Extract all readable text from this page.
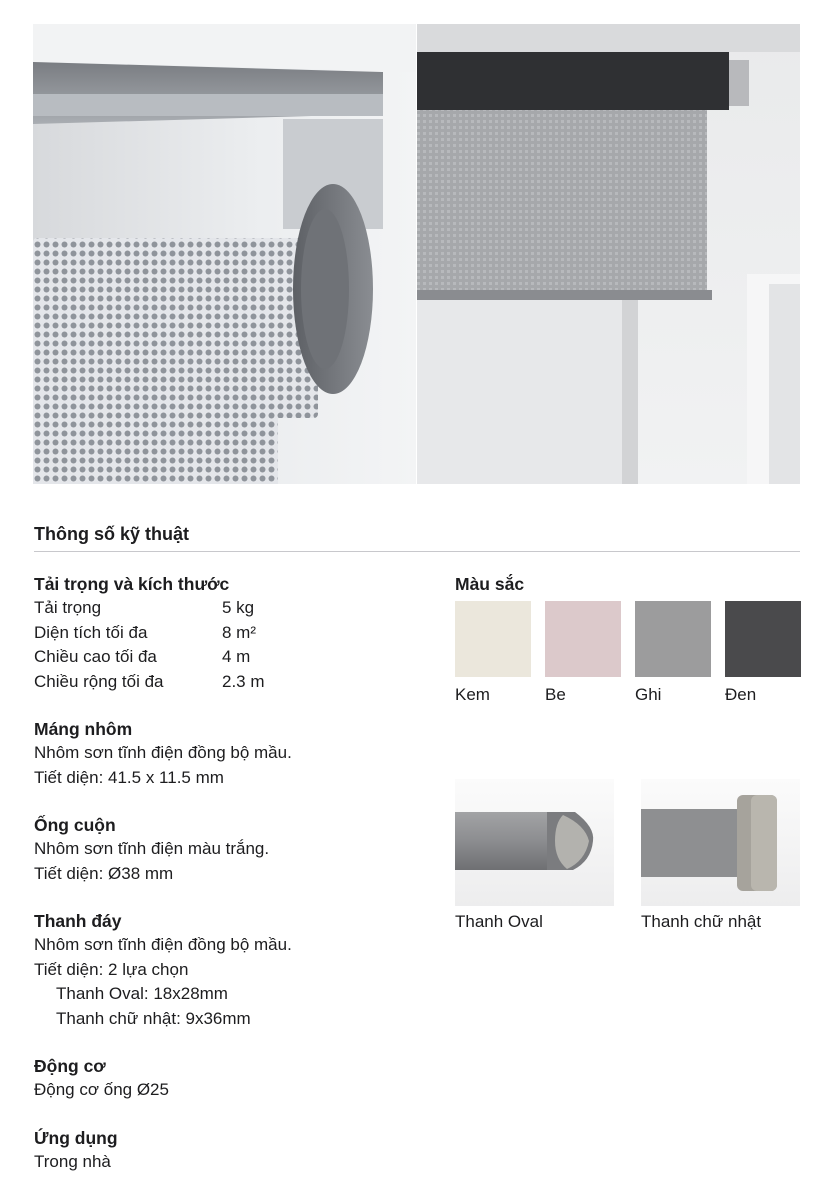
Thông số kỹ thuật
Tải trọng và kích thước
Tải trọng	5 kg
Diện tích tối đa	8 m²
Chiều cao tối đa	4 m
Chiều rộng tối đa	2.3 m
Máng nhôm
Nhôm sơn tĩnh điện đồng bộ mầu.
Tiết diện: 41.5 x 11.5 mm
Ống cuộn
Nhôm sơn tĩnh điện màu trắng.
Tiết diện: Ø38 mm
Thanh đáy
Nhôm sơn tĩnh điện đồng bộ mầu.
Tiết diện: 2 lựa chọn
Thanh Oval: 18x28mm
Thanh chữ nhật: 9x36mm
Động cơ
Động cơ ống Ø25
Ứng dụng
Trong nhà
Màu sắc
Kem	Be	Ghi	Đen
Thanh Oval	Thanh chữ nhật
